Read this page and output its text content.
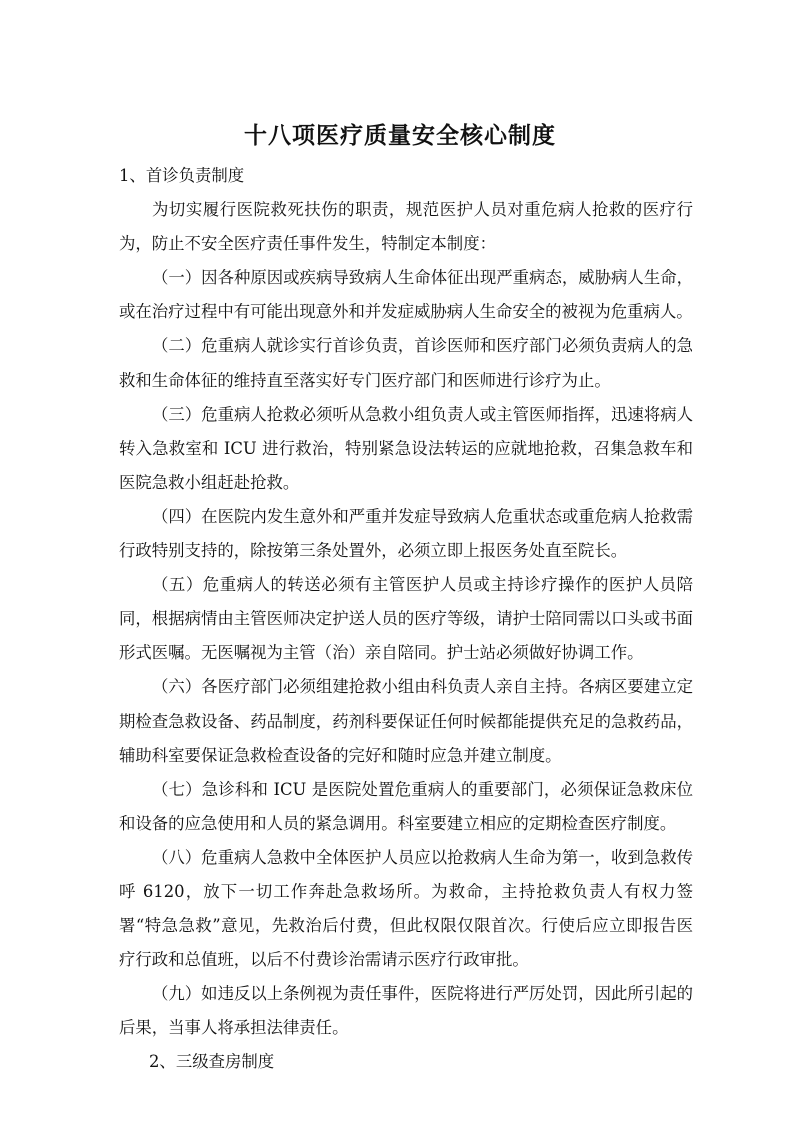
十八项医疗质量安全核心制度

1、首诊负责制度

为切实履行医院救死扶伤的职责，规范医护人员对重危病人抢救的医疗行为，防止不安全医疗责任事件发生，特制定本制度：

（一）因各种原因或疾病导致病人生命体征出现严重病态，威胁病人生命，或在治疗过程中有可能出现意外和并发症威胁病人生命安全的被视为危重病人。

（二）危重病人就诊实行首诊负责，首诊医师和医疗部门必须负责病人的急救和生命体征的维持直至落实好专门医疗部门和医师进行诊疗为止。

（三）危重病人抢救必须听从急救小组负责人或主管医师指挥，迅速将病人转入急救室和 ICU 进行救治，特别紧急设法转运的应就地抢救，召集急救车和医院急救小组赶赴抢救。

（四）在医院内发生意外和严重并发症导致病人危重状态或重危病人抢救需行政特别支持的，除按第三条处置外，必须立即上报医务处直至院长。

（五）危重病人的转送必须有主管医护人员或主持诊疗操作的医护人员陪同，根据病情由主管医师决定护送人员的医疗等级，请护士陪同需以口头或书面形式医嘱。无医嘱视为主管（治）亲自陪同。护士站必须做好协调工作。

（六）各医疗部门必须组建抢救小组由科负责人亲自主持。各病区要建立定期检查急救设备、药品制度，药剂科要保证任何时候都能提供充足的急救药品，辅助科室要保证急救检查设备的完好和随时应急并建立制度。

（七）急诊科和 ICU 是医院处置危重病人的重要部门，必须保证急救床位和设备的应急使用和人员的紧急调用。科室要建立相应的定期检查医疗制度。

（八）危重病人急救中全体医护人员应以抢救病人生命为第一，收到急救传呼 6120，放下一切工作奔赴急救场所。为救命，主持抢救负责人有权力签署“特急急救”意见，先救治后付费，但此权限仅限首次。行使后应立即报告医疗行政和总值班，以后不付费诊治需请示医疗行政审批。

（九）如违反以上条例视为责任事件，医院将进行严厉处罚，因此所引起的后果，当事人将承担法律责任。

2、三级查房制度
